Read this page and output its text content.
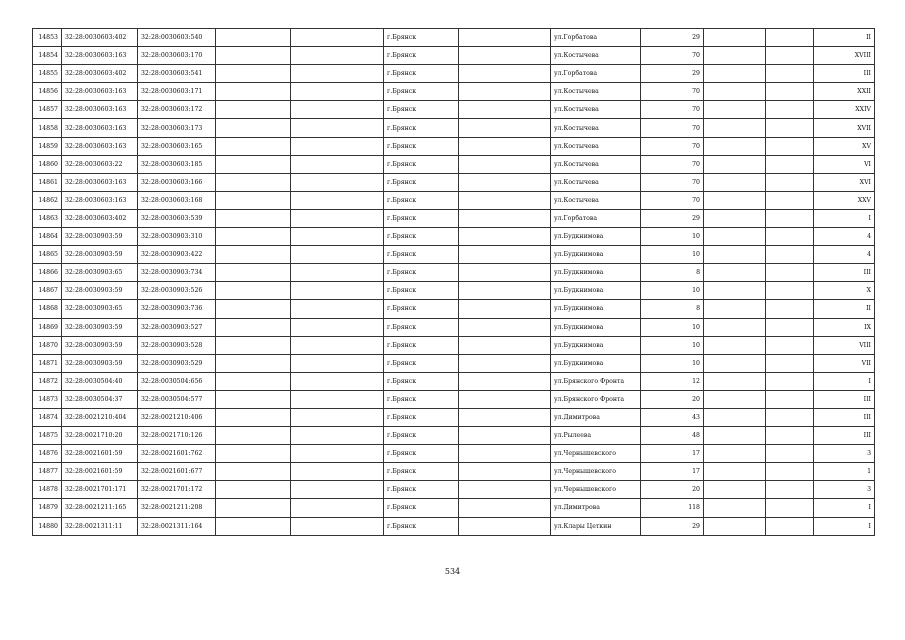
14853	32:28:0030603:402	32:28:0030603:540			г.Брянск		ул.Горбатова	29			II
14854	32:28:0030603:163	32:28:0030603:170			г.Брянск		ул.Костычева	70			XVIII
14855	32:28:0030603:402	32:28:0030603:541			г.Брянск		ул.Горбатова	29			III
14856	32:28:0030603:163	32:28:0030603:171			г.Брянск		ул.Костычева	70			XXII
14857	32:28:0030603:163	32:28:0030603:172			г.Брянск		ул.Костычева	70			XXIV
14858	32:28:0030603:163	32:28:0030603:173			г.Брянск		ул.Костычева	70			XVII
14859	32:28:0030603:163	32:28:0030603:165			г.Брянск		ул.Костычева	70			XV
14860	32:28:0030603:22	32:28:0030603:185			г.Брянск		ул.Костычева	70			VI
14861	32:28:0030603:163	32:28:0030603:166			г.Брянск		ул.Костычева	70			XVI
14862	32:28:0030603:163	32:28:0030603:168			г.Брянск		ул.Костычева	70			XXV
14863	32:28:0030603:402	32:28:0030603:539			г.Брянск		ул.Горбатова	29			I
14864	32:28:0030903:59	32:28:0030903:310			г.Брянск		ул.Будкнимова	10			4
14865	32:28:0030903:59	32:28:0030903:422			г.Брянск		ул.Будкнимова	10			4
14866	32:28:0030903:65	32:28:0030903:734			г.Брянск		ул.Будкнимова	8			III
14867	32:28:0030903:59	32:28:0030903:526			г.Брянск		ул.Будкнимова	10			X
14868	32:28:0030903:65	32:28:0030903:736			г.Брянск		ул.Будкнимова	8			II
14869	32:28:0030903:59	32:28:0030903:527			г.Брянск		ул.Будкнимова	10			IX
14870	32:28:0030903:59	32:28:0030903:528			г.Брянск		ул.Будкнимова	10			VIII
14871	32:28:0030903:59	32:28:0030903:529			г.Брянск		ул.Будкнимова	10			VII
14872	32:28:0030504:40	32:28:0030504:656			г.Брянск		ул.Брянского Фронта	12			I
14873	32:28:0030504:37	32:28:0030504:577			г.Брянск		ул.Брянского Фронта	20			III
14874	32:28:0021210:404	32:28:0021210:406			г.Брянск		ул.Димитрова	43			III
14875	32:28:0021710:20	32:28:0021710:126			г.Брянск		ул.Рылеева	48			III
14876	32:28:0021601:59	32:28:0021601:762			г.Брянск		ул.Чернышевского	17			3
14877	32:28:0021601:59	32:28:0021601:677			г.Брянск		ул.Чернышевского	17			1
14878	32:28:0021701:171	32:28:0021701:172			г.Брянск		ул.Чернышевского	20			3
14879	32:28:0021211:165	32:28:0021211:208			г.Брянск		ул.Димитрова	118			I
14880	32:28:0021311:11	32:28:0021311:164			г.Брянск		ул.Клары Цеткин	29			I
534
